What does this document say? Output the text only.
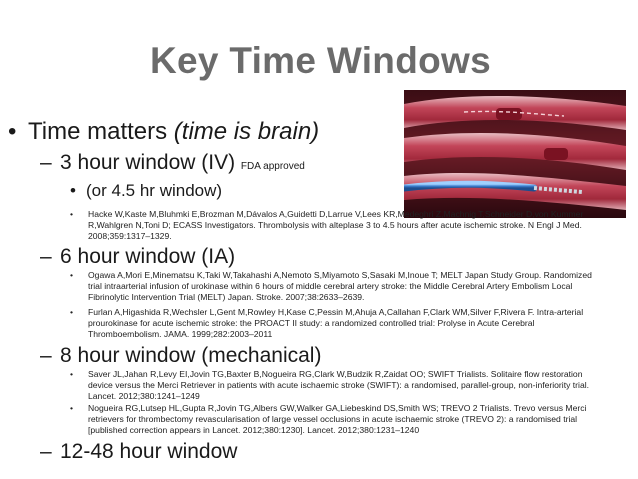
Key Time Windows
• Time matters (time is brain)
– 3 hour window (IV) FDA approved
• (or 4.5 hr window)
•	Hacke W,Kaste M,Bluhmki E,Brozman M,Dávalos A,Guidetti D,Larrue V,Lees KR,Medeghri Z,Machnig T,Schneider D,von Kummer
R,Wahlgren N,Toni D; ECASS Investigators. Thrombolysis with alteplase 3 to 4.5 hours after acute ischemic stroke. N Engl J Med.
2008;359:1317–1329.
– 6 hour window (IA)
•	Ogawa A,Mori E,Minematsu K,Taki W,Takahashi A,Nemoto S,Miyamoto S,Sasaki M,Inoue T; MELT Japan Study Group. Randomized
trial intraarterial infusion of urokinase within 6 hours of middle cerebral artery stroke: the Middle Cerebral Artery Embolism Local
Fibrinolytic Intervention Trial (MELT) Japan. Stroke. 2007;38:2633–2639.
•	Furlan A,Higashida R,Wechsler L,Gent M,Rowley H,Kase C,Pessin M,Ahuja A,Callahan F,Clark WM,Silver F,Rivera F. Intra-arterial
prourokinase for acute ischemic stroke: the PROACT II study: a randomized controlled trial: Prolyse in Acute Cerebral
Thromboembolism. JAMA. 1999;282:2003–2011
– 8 hour window (mechanical)
•	Saver JL,Jahan R,Levy EI,Jovin TG,Baxter B,Nogueira RG,Clark W,Budzik R,Zaidat OO; SWIFT Trialists. Solitaire flow restoration
device versus the Merci Retriever in patients with acute ischaemic stroke (SWIFT): a randomised, parallel-group, non-inferiority trial.
Lancet. 2012;380:1241–1249
•	Nogueira RG,Lutsep HL,Gupta R,Jovin TG,Albers GW,Walker GA,Liebeskind DS,Smith WS; TREVO 2 Trialists. Trevo versus Merci
retrievers for thrombectomy revascularisation of large vessel occlusions in acute ischaemic stroke (TREVO 2): a randomised trial
[published correction appears in Lancet. 2012;380:1230]. Lancet. 2012;380:1231–1240
– 12-48 hour window
